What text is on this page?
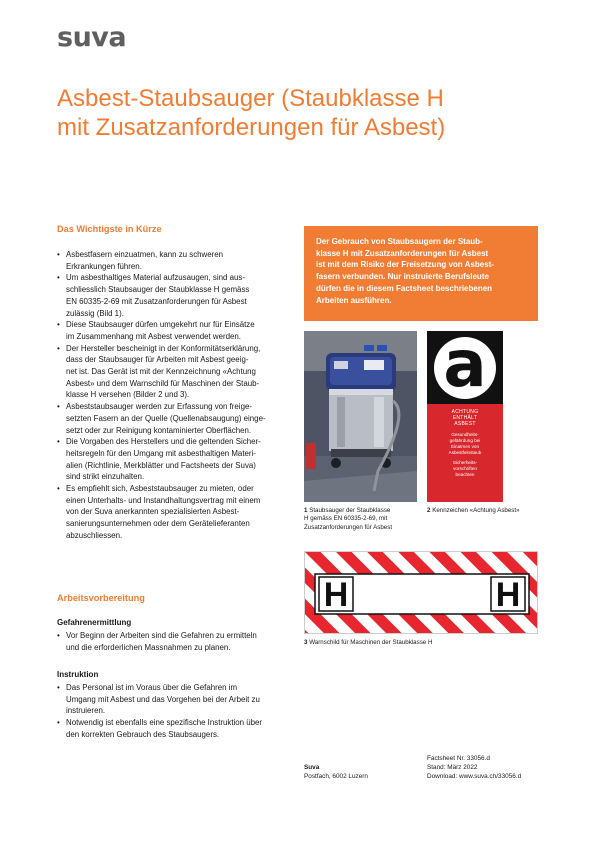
suva
Asbest-Staubsauger (Staubklasse H
mit Zusatzanforderungen für Asbest)
Das Wichtigste in Kürze
• Asbestfasern einzuatmen, kann zu schweren
Erkrankungen führen.
• Um asbesthaltiges Material aufzusaugen, sind aus-
schliesslich Staubsauger der Staubklasse H gemäss
EN 60335-2-69 mit Zusatzanforderungen für Asbest
zulässig (Bild 1).
• Diese Staubsauger dürfen umgekehrt nur für Einsätze
im Zusammenhang mit Asbest verwendet werden.
• Der Hersteller bescheinigt in der Konformitätserklärung,
dass der Staubsauger für Arbeiten mit Asbest geeig-
net ist. Das Gerät ist mit der Kennzeichnung «Achtung
Asbest» und dem Warnschild für Maschinen der Staub-
klasse H versehen (Bilder 2 und 3).
• Asbeststaubsauger werden zur Erfassung von freige-
setzten Fasern an der Quelle (Quellenabsaugung) einge-
setzt oder zur Reinigung kontaminierter Oberflächen.
• Die Vorgaben des Herstellers und die geltenden Sicher-
heitsregeln für den Umgang mit asbesthaltigen Materi-
alien (Richtlinie, Merkblätter und Factsheets der Suva)
sind strikt einzuhalten.
• Es empfiehlt sich, Asbeststaubsauger zu mieten, oder
einen Unterhalts- und Instandhaltungsvertrag mit einem
von der Suva anerkannten spezialisierten Asbest-
sanierungsunternehmen oder dem Gerätelieferanten
abzuschliessen.
Arbeitsvorbereitung
Gefahrenermittlung
• Vor Beginn der Arbeiten sind die Gefahren zu ermitteln
und die erforderlichen Massnahmen zu planen.
Instruktion
• Das Personal ist im Voraus über die Gefahren im
Umgang mit Asbest und das Vorgehen bei der Arbeit zu
instruieren.
• Notwendig ist ebenfalls eine spezifische Instruktion über
den korrekten Gebrauch des Staubsaugers.
Der Gebrauch von Staubsaugern der Staub-
klasse H mit Zusatzanforderungen für Asbest
ist mit dem Risiko der Freisetzung von Asbest-
fasern verbunden. Nur instruierte Berufsleute
dürfen die in diesem Factsheet beschriebenen
Arbeiten ausführen.
a
ACHTUNG
ENTHÄLT
ASBEST
Gesundheits-
gefährdung bei
Einatmen von
Asbestfeinstaub
Sicherheits-
vorschriften
beachten
1 Staubsauger der Staubklasse
H gemäss EN 60335-2-69, mit
Zusatzanforderungen für Asbest
2 Kennzeichen «Achtung Asbest»
H	H
3 Warnschild für Maschinen der Staubklasse H
Suva
Postfach, 6002 Luzern
Factsheet Nr. 33056.d
Stand: März 2022
Download: www.suva.ch/33056.d
